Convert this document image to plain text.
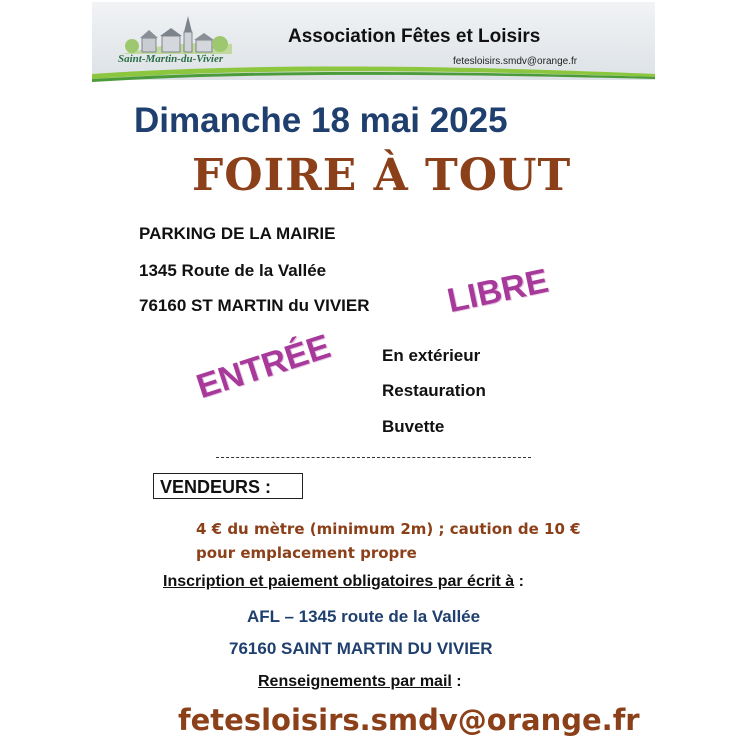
Saint-Martin-du-Vivier
Association Fêtes et Loisirs
fetesloisirs.smdv@orange.fr
Dimanche 18 mai 2025
FOIRE À TOUT
PARKING DE LA MAIRIE
1345 Route de la Vallée
76160 ST MARTIN du VIVIER LIBRE
ENTRÉE	En extérieur
Restauration
Buvette
VENDEURS :
4 € du mètre (minimum 2m) ; caution de 10 €
pour emplacement propre
Inscription et paiement obligatoires par écrit à :
AFL – 1345 route de la Vallée
76160 SAINT MARTIN DU VIVIER
Renseignements par mail :
fetesloisirs.smdv@orange.fr
